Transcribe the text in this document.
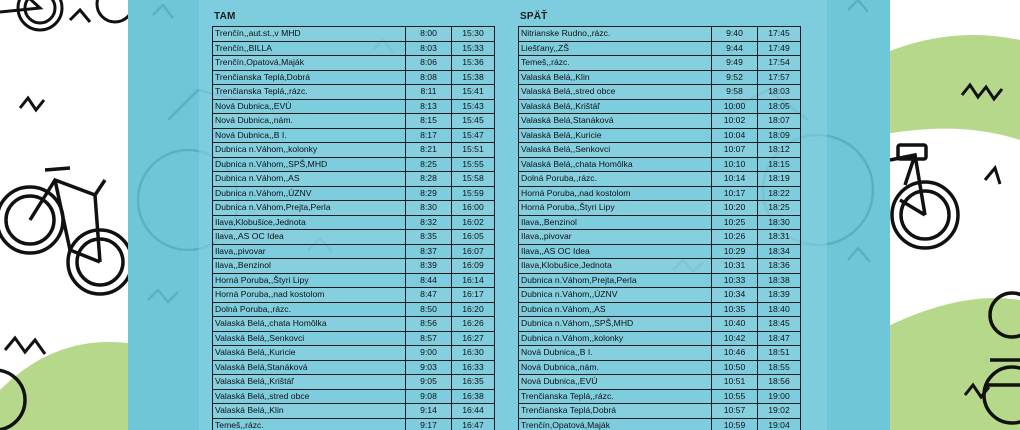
TAM	SPÄŤ
Trenčín,,aut.st.,v MHD	8:00	15:30
Trenčín,,BILLA	8:03	15:33
Trenčín,Opatová,Maják	8:06	15:36
Trenčianska Teplá,Dobrá	8:08	15:38
Trenčianska Teplá,,rázc.	8:11	15:41
Nová Dubnica,,EVÚ	8:13	15:43
Nová Dubnica,,nám.	8:15	15:45
Nová Dubnica,,B I.	8:17	15:47
Dubnica n.Váhom,,kolonky	8:21	15:51
Dubnica n.Váhom,,SPŠ,MHD	8:25	15:55
Dubnica n.Váhom,,AS	8:28	15:58
Dubnica n.Váhom,,ÚZNV	8:29	15:59
Dubnica n.Váhom,Prejta,Perla	8:30	16:00
Ilava,Klobušice,Jednota	8:32	16:02
Ilava,,AS OC Idea	8:35	16:05
Ilava,,pivovar	8:37	16:07
Ilava,,Benzinol	8:39	16:09
Horná Poruba,,Štyri Lipy	8:44	16:14
Horná Poruba,,nad kostolom	8:47	16:17
Dolná Poruba,,rázc.	8:50	16:20
Valaská Belá,,chata Homôlka	8:56	16:26
Valaská Belá,,Senkovci	8:57	16:27
Valaská Belá,,Kuricie	9:00	16:30
Valaská Belá,Stanáková	9:03	16:33
Valaská Belá,,Krištáľ	9:05	16:35
Valaská Belá,,stred obce	9:08	16:38
Valaská Belá,,Klin	9:14	16:44
Temeš,,rázc.	9:17	16:47
Nitrianske Rudno,,rázc.	9:40	17:45
Liešťany,,ZŠ	9:44	17:49
Temeš,,rázc.	9:49	17:54
Valaská Belá,,Klin	9:52	17:57
Valaská Belá,,stred obce	9:58	18:03
Valaská Belá,,Krištáľ	10:00	18:05
Valaská Belá,Stanáková	10:02	18:07
Valaská Belá,,Kuricie	10:04	18:09
Valaská Belá,,Senkovci	10:07	18:12
Valaská Belá,,chata Homôlka	10:10	18:15
Dolná Poruba,,rázc.	10:14	18:19
Horná Poruba,,nad kostolom	10:17	18:22
Horná Poruba,,Štyri Lipy	10:20	18:25
Ilava,,Benzinol	10:25	18:30
Ilava,,pivovar	10:26	18:31
Ilava,,AS OC Idea	10:29	18:34
Ilava,Klobušice,Jednota	10:31	18:36
Dubnica n.Váhom,Prejta,Perla	10:33	18:38
Dubnica n.Váhom,,ÚZNV	10:34	18:39
Dubnica n.Váhom,,AS	10:35	18:40
Dubnica n.Váhom,,SPŠ,MHD	10:40	18:45
Dubnica n.Váhom,,kolonky	10:42	18:47
Nová Dubnica,,B I.	10:46	18:51
Nová Dubnica,,nám.	10:50	18:55
Nová Dubnica,,EVÚ	10:51	18:56
Trenčianska Teplá,,rázc.	10:55	19:00
Trenčianska Teplá,Dobrá	10:57	19:02
Trenčín,Opatová,Maják	10:59	19:04
